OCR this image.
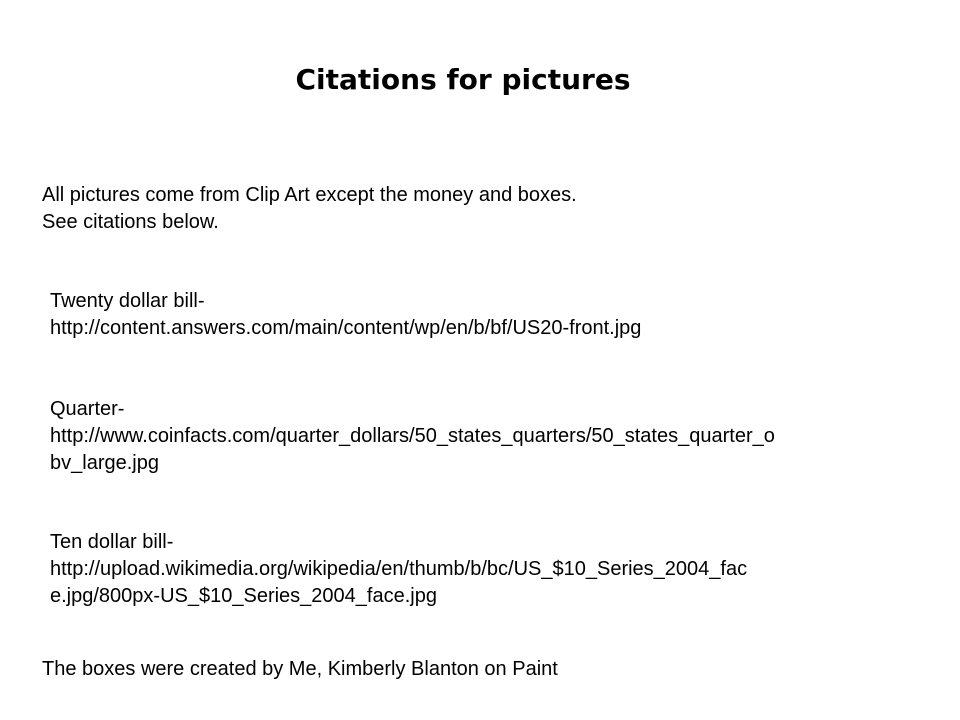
Citations for pictures
All pictures come from Clip Art except the money and boxes.
See citations below.
Twenty dollar bill-
http://content.answers.com/main/content/wp/en/b/bf/US20-front.jpg
Quarter-
http://www.coinfacts.com/quarter_dollars/50_states_quarters/50_states_quarter_o
bv_large.jpg
Ten dollar bill-
http://upload.wikimedia.org/wikipedia/en/thumb/b/bc/US_$10_Series_2004_fac
e.jpg/800px-US_$10_Series_2004_face.jpg

The boxes were created by Me, Kimberly Blanton on Paint
